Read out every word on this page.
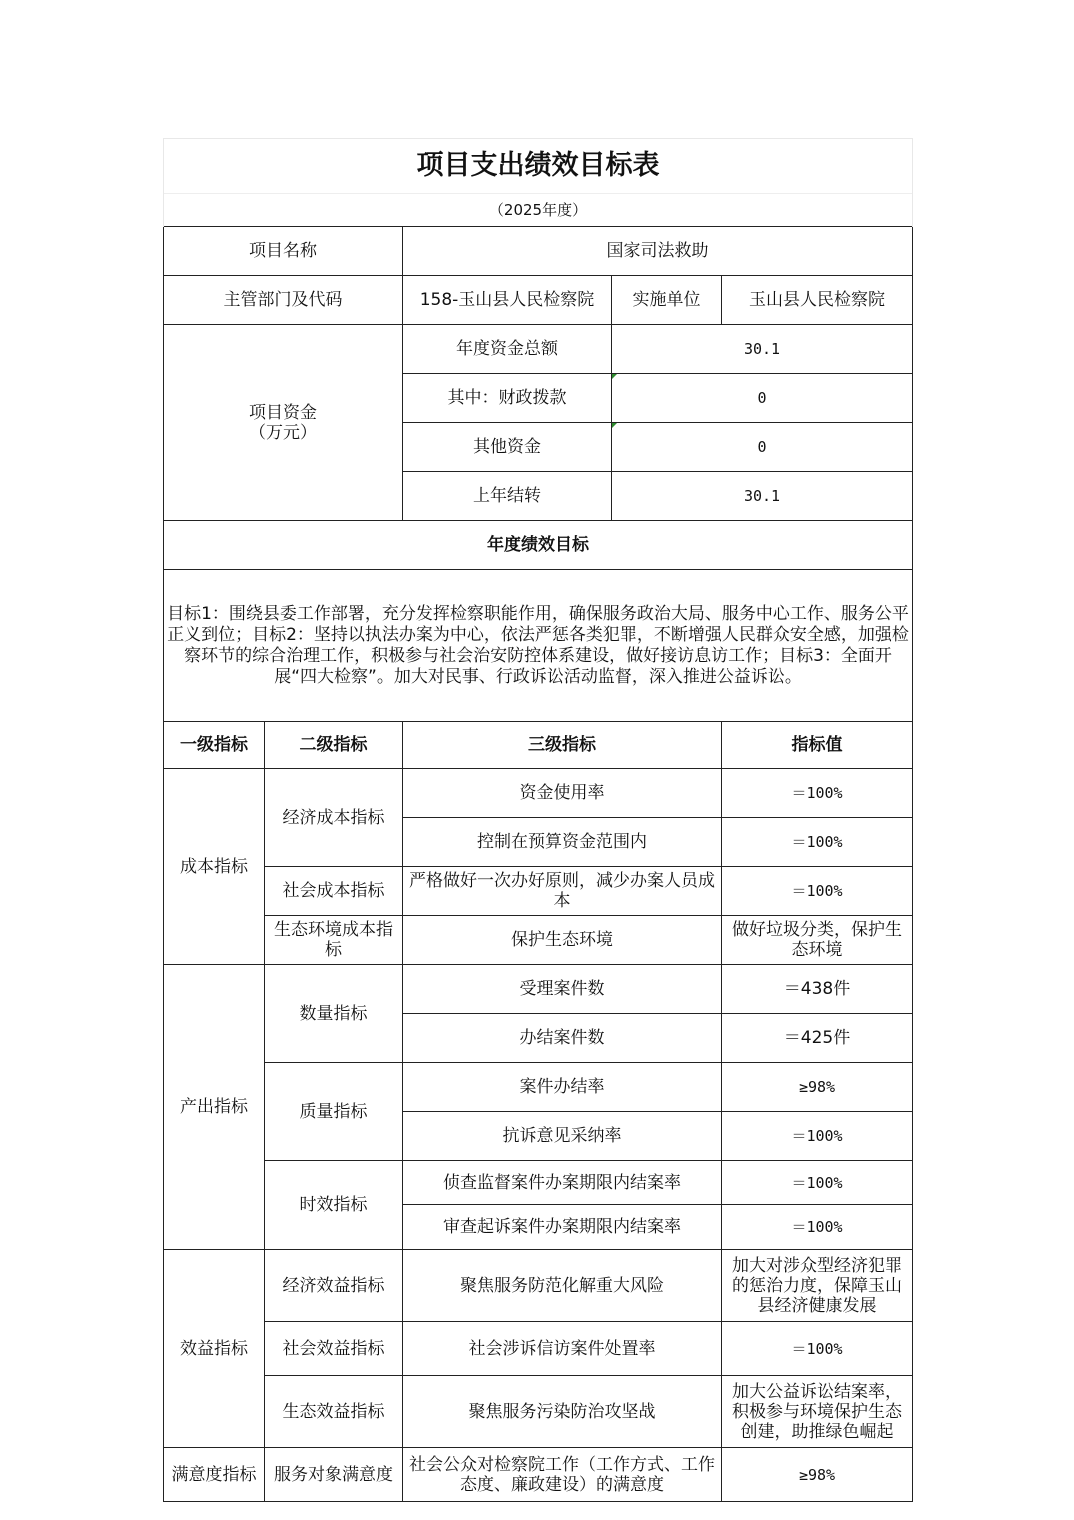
项目支出绩效目标表				
（2025年度）				
项目名称		国家司法救助		
主管部门及代码		158-玉山县人民检察院	实施单位	玉山县人民检察院
项目资金
（万元）		年度资金总额	30.1	
		其中：财政拨款	0	
		其他资金	0	
		上年结转	30.1	
年度绩效目标				
目标1：围绕县委工作部署，充分发挥检察职能作用，确保服务政治大局、服务中心工作、服务公平正义到位；目标2：坚持以执法办案为中心，依法严惩各类犯罪，不断增强人民群众安全感，加强检察环节的综合治理工作，积极参与社会治安防控体系建设，做好接访息访工作；目标3：全面开展“四大检察”。加大对民事、行政诉讼活动监督，深入推进公益诉讼。				
一级指标	二级指标	三级指标		指标值
成本指标	经济成本指标	资金使用率		＝100%
		控制在预算资金范围内		＝100%
	社会成本指标	严格做好一次办好原则，减少办案人员成本		＝100%
	生态环境成本指标	保护生态环境		做好垃圾分类，保护生态环境
产出指标	数量指标	受理案件数		＝438件
		办结案件数		＝425件
	质量指标	案件办结率		≥98%
		抗诉意见采纳率		＝100%
	时效指标	侦查监督案件办案期限内结案率		＝100%
		审查起诉案件办案期限内结案率		＝100%
效益指标	经济效益指标	聚焦服务防范化解重大风险		加大对涉众型经济犯罪的惩治力度，保障玉山县经济健康发展
	社会效益指标	社会涉诉信访案件处置率		＝100%
	生态效益指标	聚焦服务污染防治攻坚战		加大公益诉讼结案率，积极参与环境保护生态创建，助推绿色崛起
满意度指标	服务对象满意度	社会公众对检察院工作（工作方式、工作态度、廉政建设）的满意度		≥98%
